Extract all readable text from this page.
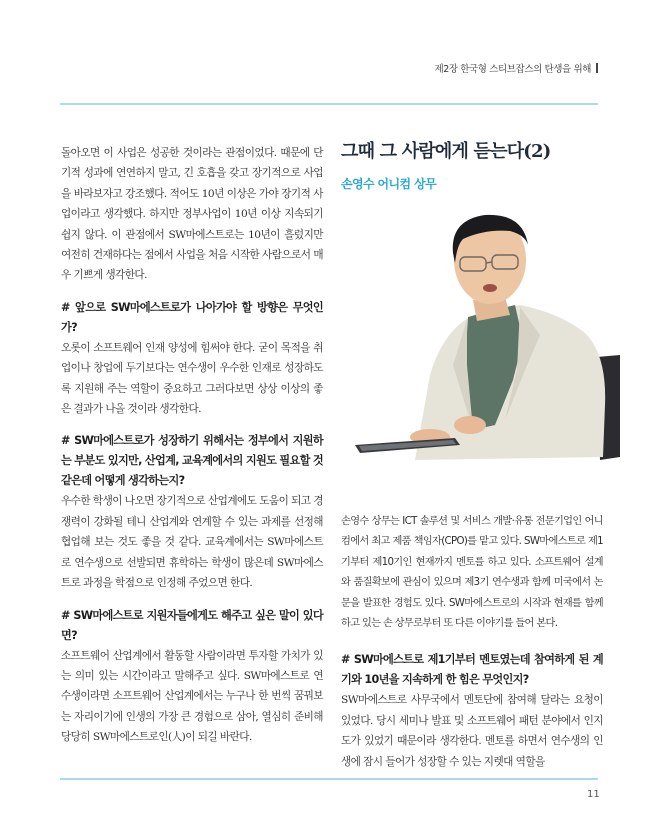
제2장 한국형 스티브잡스의 탄생을 위해

돌아오면 이 사업은 성공한 것이라는 관점이었다. 때문에 단기적 성과에 연연하지 말고, 긴 호흡을 갖고 장기적으로 사업을 바라보자고 강조했다. 적어도 10년 이상은 가야 장기적 사업이라고 생각했다. 하지만 정부사업이 10년 이상 지속되기 쉽지 않다. 이 관점에서 SW마에스트로는 10년이 흘렀지만 여전히 건재하다는 점에서 사업을 처음 시작한 사람으로서 매우 기쁘게 생각한다.

# 앞으로 SW마에스트로가 나아가야 할 방향은 무엇인가?

오롯이 소프트웨어 인재 양성에 힘써야 한다. 굳이 목적을 취업이나 창업에 두기보다는 연수생이 우수한 인재로 성장하도록 지원해 주는 역할이 중요하고 그러다보면 상상 이상의 좋은 결과가 나올 것이라 생각한다.

# SW마에스트로가 성장하기 위해서는 정부에서 지원하는 부분도 있지만, 산업계, 교육계에서의 지원도 필요할 것 같은데 어떻게 생각하는지?

우수한 학생이 나오면 장기적으로 산업계에도 도움이 되고 경쟁력이 강화될 테니 산업계와 연계할 수 있는 과제를 선정해 협업해 보는 것도 좋을 것 같다. 교육계에서는 SW마에스트로 연수생으로 선발되면 휴학하는 학생이 많은데 SW마에스트로 과정을 학점으로 인정해 주었으면 한다.

# SW마에스트로 지원자들에게도 해주고 싶은 말이 있다면?

소프트웨어 산업계에서 활동할 사람이라면 투자할 가치가 있는 의미 있는 시간이라고 말해주고 싶다. SW마에스트로 연수생이라면 소프트웨어 산업계에서는 누구나 한 번씩 꿈꿔보는 자리이기에 인생의 가장 큰 경험으로 삼아, 열심히 준비해 당당히 SW마에스트로인(人)이 되길 바란다.

그때 그 사람에게 듣는다(2)
손영수 어니컴 상무

손영수 상무는 ICT 솔루션 및 서비스 개발·유통 전문기업인 어니컴에서 최고 제품 책임자(CPO)를 맡고 있다. SW마에스트로 제1기부터 제10기인 현재까지 멘토를 하고 있다. 소프트웨어 설계와 품질확보에 관심이 있으며 제3기 연수생과 함께 미국에서 논문을 발표한 경험도 있다. SW마에스트로의 시작과 현재를 함께하고 있는 손 상무로부터 또 다른 이야기를 들어 본다.

# SW마에스트로 제1기부터 멘토였는데 참여하게 된 계기와 10년을 지속하게 한 힘은 무엇인지?

SW마에스트로 사무국에서 멘토단에 참여해 달라는 요청이 있었다. 당시 세미나 발표 및 소프트웨어 패턴 분야에서 인지도가 있었기 때문이라 생각한다. 멘토를 하면서 연수생의 인생에 잠시 들어가 성장할 수 있는 지렛대 역할을

11
